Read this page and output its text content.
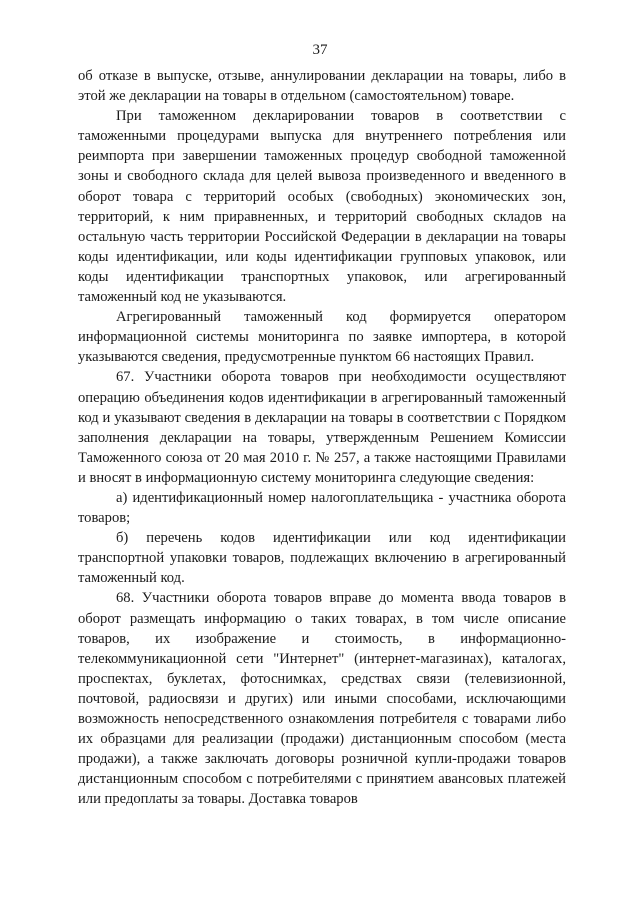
37

об отказе в выпуске, отзыве, аннулировании декларации на товары, либо в этой же декларации на товары в отдельном (самостоятельном) товаре.

При таможенном декларировании товаров в соответствии с таможенными процедурами выпуска для внутреннего потребления или реимпорта при завершении таможенных процедур свободной таможенной зоны и свободного склада для целей вывоза произведенного и введенного в оборот товара с территорий особых (свободных) экономических зон, территорий, к ним приравненных, и территорий свободных складов на остальную часть территории Российской Федерации в декларации на товары коды идентификации, или коды идентификации групповых упаковок, или коды идентификации транспортных упаковок, или агрегированный таможенный код не указываются.

Агрегированный таможенный код формируется оператором информационной системы мониторинга по заявке импортера, в которой указываются сведения, предусмотренные пунктом 66 настоящих Правил.

67. Участники оборота товаров при необходимости осуществляют операцию объединения кодов идентификации в агрегированный таможенный код и указывают сведения в декларации на товары в соответствии с Порядком заполнения декларации на товары, утвержденным Решением Комиссии Таможенного союза от 20 мая 2010 г. № 257, а также настоящими Правилами и вносят в информационную систему мониторинга следующие сведения:

а) идентификационный номер налогоплательщика - участника оборота товаров;

б) перечень кодов идентификации или код идентификации транспортной упаковки товаров, подлежащих включению в агрегированный таможенный код.

68. Участники оборота товаров вправе до момента ввода товаров в оборот размещать информацию о таких товарах, в том числе описание товаров, их изображение и стоимость, в информационно-телекоммуникационной сети "Интернет" (интернет-магазинах), каталогах, проспектах, буклетах, фотоснимках, средствах связи (телевизионной, почтовой, радиосвязи и других) или иными способами, исключающими возможность непосредственного ознакомления потребителя с товарами либо их образцами для реализации (продажи) дистанционным способом (места продажи), а также заключать договоры розничной купли-продажи товаров дистанционным способом с потребителями с принятием авансовых платежей или предоплаты за товары. Доставка товаров
